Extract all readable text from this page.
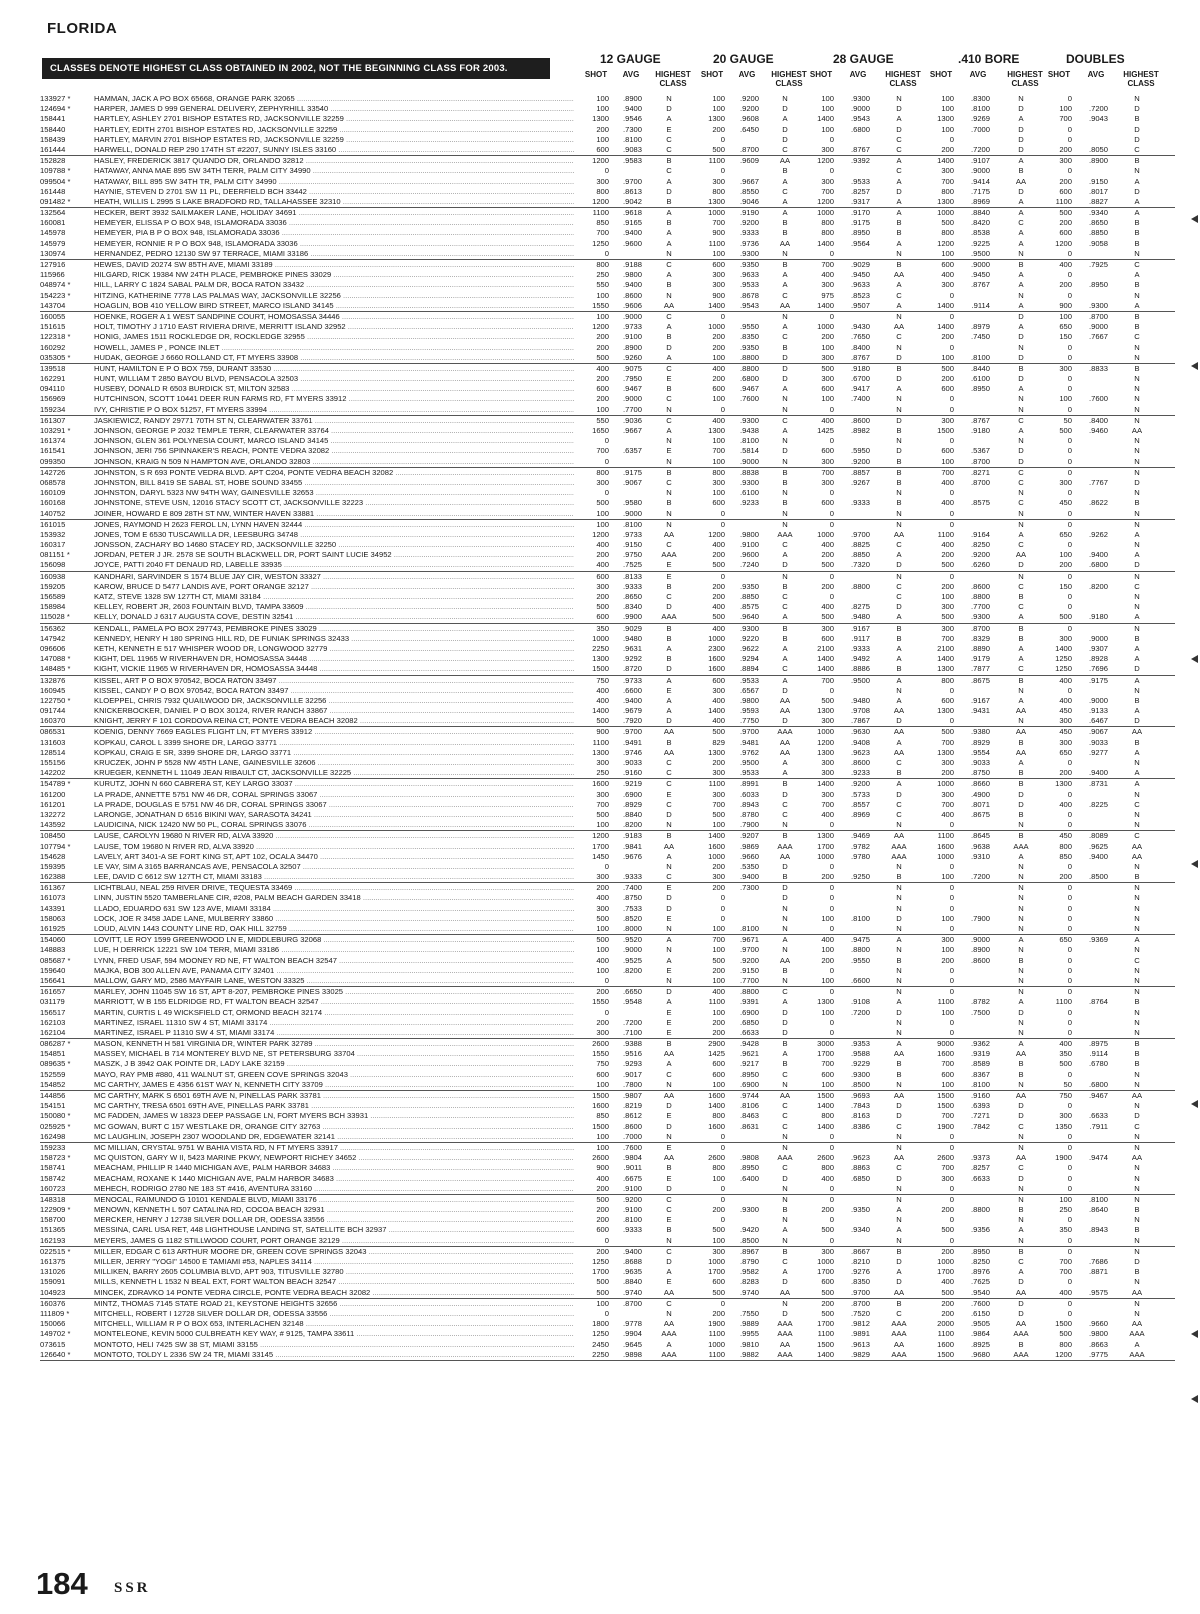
FLORIDA
CLASSES DENOTE HIGHEST CLASS OBTAINED IN 2002, NOT THE BEGINNING CLASS FOR 2003.
12 GAUGE	20 GAUGE	28 GAUGE	.410 BORE	DOUBLES
SHOT	AVG	HIGHEST CLASS
SHOT	AVG	HIGHEST CLASS
SHOT	AVG	HIGHEST CLASS
SHOT	AVG	HIGHEST CLASS
SHOT	AVG	HIGHEST CLASS
133927 *	HAMMAN, JACK A PO BOX 65668, ORANGE PARK 32065 .....	100	.8900	N	100	.9200	N	100	.9300	N	100	.8300	N	0	N
124694 *	HARPER, JAMES D 999 GENERAL DELIVERY, ZEPHYRHILL 33540 .....	100	.9400	D	100	.9200	D	100	.9000	D	100	.8100	D	100	.7200	D
158441	HARTLEY, ASHLEY 2701 BISHOP ESTATES RD, JACKSONVILLE 32259 .....	1300	.9546	A	1300	.9608	A	1400	.9543	A	1300	.9269	A	700	.9043	B
158440	HARTLEY, EDITH 2701 BISHOP ESTATES RD, JACKSONVILLE 32259 .....	200	.7300	E	200	.6450	D	100	.6800	D	100	.7000	D	0	D
158439	HARTLEY, MARVIN 2701 BISHOP ESTATES RD, JACKSONVILLE 32259 .....	100	.8100	C	0	D	0	C	0	D	0	D
161444	HARWELL, DONALD REP 290 174TH ST #2207, SUNNY ISLES 33160 .....	600	.9083	C	500	.8700	C	300	.8767	C	200	.7200	D	200	.8050	C
152828	HASLEY, FREDERICK 3817 QUANDO DR, ORLANDO 32812 .....	1200	.9583	B	1100	.9609	AA	1200	.9392	A	1400	.9107	A	300	.8900	B
109788 *	HATAWAY, ANNA MAE 895 SW 34TH TERR, PALM CITY 34990 .....	0	C	0	B	0	C	300	.9000	B	0	N
099504 *	HATAWAY, BILL 895 SW 34TH TR, PALM CITY 34990 .....	300	.9700	A	300	.9667	A	300	.9533	A	700	.9414	AA	200	.9150	A
161448	HAYNIE, STEVEN D 2701 SW 11 PL, DEERFIELD BCH 33442 .....	800	.8613	D	800	.8550	C	700	.8257	D	800	.7175	D	600	.8017	D
091482 *	HEATH, WILLIS L 2995 S LAKE BRADFORD RD, TALLAHASSEE 32310 .....	1200	.9042	B	1300	.9046	A	1200	.9317	A	1300	.8969	A	1100	.8827	A
132564	HECKER, BERT 3932 SAILMAKER LANE, HOLIDAY 34691 .....	1100	.9618	A	1000	.9190	A	1000	.9170	A	1000	.8840	A	500	.9340	A
160081	HEMEYER, ELISSA P O BOX 948, ISLAMORADA 33036 .....	850	.9165	B	700	.9200	B	800	.9175	B	500	.8420	C	200	.8650	B
145978	HEMEYER, PIA B P O BOX 948, ISLAMORADA 33036 .....	700	.9400	A	900	.9333	B	800	.8950	B	800	.8538	A	600	.8850	B
145979	HEMEYER, RONNIE R P O BOX 948, ISLAMORADA 33036 .....	1250	.9600	A	1100	.9736	AA	1400	.9564	A	1200	.9225	A	1200	.9058	B
130974	HERNANDEZ, PEDRO 12130 SW 97 TERRACE, MIAMI 33186 .....	0	N	100	.9300	N	0	N	100	.9500	N	0	N
127916	HEWES, DAVID 20274 SW 85TH AVE, MIAMI 33189 .....	800	.9188	C	600	.9350	B	700	.9029	B	600	.9000	B	400	.7925	C
115966	HILGARD, RICK 19384 NW 24TH PLACE, PEMBROKE PINES 33029 .....	250	.9800	A	300	.9633	A	400	.9450	AA	400	.9450	A	0	A
048974 *	HILL, LARRY C 1824 SABAL PALM DR, BOCA RATON 33432 .....	550	.9400	B	300	.9533	A	300	.9633	A	300	.8767	A	200	.8950	B
154223 *	HITZING, KATHERINE 7778 LAS PALMAS WAY, JACKSONVILLE 32256 .....	100	.8600	N	900	.8678	C	975	.8523	C	0	N	0	N
143704	HOAGLIN, BOB 410 YELLOW BIRD STREET, MARCO ISLAND 34145 .....	1550	.9606	AA	1400	.9543	AA	1400	.9507	A	1400	.9114	A	900	.9300	A
160055	HOENKE, ROGER A 1 WEST SANDPINE COURT, HOMOSASSA 34446 .....	100	.9000	C	0	N	0	N	0	D	100	.8700	B
151615	HOLT, TIMOTHY J 1710 EAST RIVIERA DRIVE, MERRITT ISLAND 32952 .....	1200	.9733	A	1000	.9550	A	1000	.9430	AA	1400	.8979	A	650	.9000	B
122318 *	HONIG, JAMES 1511 ROCKLEDGE DR, ROCKLEDGE 32955 .....	200	.9100	B	200	.8350	C	200	.7650	C	200	.7450	D	150	.7667	C
160292	HOWELL, JAMES P , PONCE INLET .....	200	.8900	D	200	.9350	B	100	.8400	N	0	N	0	N
035305 *	HUDAK, GEORGE J 6660 ROLLAND CT, FT MYERS 33908 .....	500	.9260	A	100	.8800	D	300	.8767	D	100	.8100	D	0	N
139518	HUNT, HAMILTON E P O BOX 759, DURANT 33530 .....	400	.9075	C	400	.8800	D	500	.9180	B	500	.8440	B	300	.8833	B
162291	HUNT, WILLIAM T 2850 BAYOU BLVD, PENSACOLA 32503 .....	200	.7950	E	200	.6800	D	300	.6700	D	200	.6100	D	0	N
094110	HUSEBY, DONALD R 6503 BURDICK ST, MILTON 32583 .....	600	.9467	B	600	.9467	A	600	.9417	A	600	.8950	A	0	N
156969	HUTCHINSON, SCOTT 10441 DEER RUN FARMS RD, FT MYERS 33912 .....	200	.9000	C	100	.7600	N	100	.7400	N	0	N	100	.7600	N
159234	IVY, CHRISTIE P O BOX 51257, FT MYERS 33994 .....	100	.7700	N	0	N	0	N	0	N	0	N
161307	JASKIEWICZ, RANDY 29771 70TH ST N, CLEARWATER 33761 .....	550	.9036	C	400	.9300	C	400	.8600	D	300	.8767	C	50	.8400	N
103291 *	JOHNSON, GEORGE P 2032 TEMPLE TERR, CLEARWATER 33764 .....	1650	.9667	A	1300	.9438	A	1425	.8982	B	1500	.9180	A	500	.9460	AA
161374	JOHNSON, GLEN 361 POLYNESIA COURT, MARCO ISLAND 34145 .....	0	N	100	.8100	N	0	N	0	N	0	N
161541	JOHNSON, JERI 756 SPINNAKER'S REACH, PONTE VEDRA 32082 .....	700	.6357	E	700	.5814	D	600	.5950	D	600	.5367	D	0	N
099350	JOHNSON, KRAIG N 509 N HAMPTON AVE, ORLANDO 32803 .....	0	N	100	.9000	N	300	.9200	B	100	.8700	D	0	N
142726	JOHNSTON, S R 693 PONTE VEDRA BLVD. APT C204, PONTE VEDRA BEACH 32082 .....	800	.9175	B	800	.8838	B	700	.8857	B	700	.8271	C	0	N
068578	JOHNSTON, BILL 8419 SE SABAL ST, HOBE SOUND 33455 .....	300	.9067	C	300	.9300	B	300	.9267	B	400	.8700	C	300	.7767	D
160109	JOHNSTON, DARYL 5323 NW 94TH WAY, GAINESVILLE 32653 .....	0	N	100	.6100	N	0	N	0	N	0	N
160168	JOHNSTONE, STEVE USN, 12016 STACY SCOTT CT, JACKSONVILLE 32223 .....	500	.9580	B	600	.9233	B	600	.9333	B	400	.8575	C	450	.8622	B
140752	JOINER, HOWARD E 809 28TH ST NW, WINTER HAVEN 33881 .....	100	.9000	N	0	N	0	N	0	N	0	N
161015	JONES, RAYMOND H 2623 FEROL LN, LYNN HAVEN 32444 .....	100	.8100	N	0	N	0	N	0	N	0	N
153932	JONES, TOM E 6530 TUSCAWILLA DR, LEESBURG 34748 .....	1200	.9733	AA	1200	.9800	AAA	1000	.9700	AA	1100	.9164	A	650	.9262	A
160317	JONSSON, ZACHARY BO 14680 STACEY RD, JACKSONVILLE 32250 .....	400	.9150	C	400	.9100	C	400	.8825	C	400	.8250	C	0	N
081151 *	JORDAN, PETER J JR. 2578 SE SOUTH BLACKWELL DR, PORT SAINT LUCIE 34952 .....	200	.9750	AAA	200	.9600	A	200	.8850	A	200	.9200	AA	100	.9400	A
156098	JOYCE, PATTI 2040 FT DENAUD RD, LABELLE 33935 .....	400	.7525	E	500	.7240	D	500	.7320	D	500	.6260	D	200	.6800	D
160938	KANDHARI, SARVINDER S 1574 BLUE JAY CIR, WESTON 33327 .....	600	.8133	E	0	N	0	N	0	N	0	N
159205	KAROW, BRUCE D 5477 LANDIS AVE, PORT ORANGE 32127 .....	300	.9333	B	200	.9350	B	200	.8800	C	200	.8600	C	150	.8200	C
156589	KATZ, STEVE 1328 SW 127TH CT, MIAMI 33184 .....	200	.8650	C	200	.8850	C	0	C	100	.8800	B	0	N
158984	KELLEY, ROBERT JR, 2603 FOUNTAIN BLVD, TAMPA 33609 .....	500	.8340	D	400	.8575	C	400	.8275	D	300	.7700	C	0	N
115028 *	KELLY, DONALD J 6317 AUGUSTA COVE, DESTIN 32541 .....	600	.9900	AAA	500	.9640	A	500	.9480	A	500	.9300	A	500	.9180	A
156362	KENDALL, PAMELA PO BOX 297743, PEMBROKE PINES 33029 .....	350	.9029	B	400	.9300	B	300	.9167	B	300	.8700	B	0	N
147942	KENNEDY, HENRY H 180 SPRING HILL RD, DE FUNIAK SPRINGS 32433 .....	1000	.9480	B	1000	.9220	B	600	.9117	B	700	.8329	B	300	.9000	B
096606	KETH, KENNETH E 517 WHISPER WOOD DR, LONGWOOD 32779 .....	2250	.9631	A	2300	.9622	A	2100	.9333	A	2100	.8890	A	1400	.9307	A
147088 *	KIGHT, DEL 11965 W RIVERHAVEN DR, HOMOSASSA 34448 .....	1300	.9292	B	1600	.9294	A	1400	.9492	A	1400	.9179	A	1250	.8928	A
148485 *	KIGHT, VICKIE 11965 W RIVERHAVEN DR, HOMOSASSA 34448 .....	1500	.8720	D	1600	.8894	C	1400	.8886	B	1300	.7877	C	1250	.7696	D
132876	KISSEL, ART P O BOX 970542, BOCA RATON 33497 .....	750	.9733	A	600	.9533	A	700	.9500	A	800	.8675	B	400	.9175	A
160945	KISSEL, CANDY P O BOX 970542, BOCA RATON 33497 .....	400	.6600	E	300	.6567	D	0	N	0	N	0	N
122750 *	KLOEPPEL, CHRIS 7932 QUAILWOOD DR, JACKSONVILLE 32256 .....	400	.9400	A	400	.9800	AA	500	.9480	A	600	.9167	A	400	.9000	B
091744	KNICKERBOCKER, DANIEL P O BOX 30124, RIVER RANCH 33867 .....	1400	.9679	A	1400	.9593	AA	1300	.9708	AA	1300	.9431	AA	450	.9133	A
160370	KNIGHT, JERRY F 101 CORDOVA REINA CT, PONTE VEDRA BEACH 32082 .....	500	.7920	D	400	.7750	D	300	.7867	D	0	N	300	.6467	D
086531	KOENIG, DENNY 7669 EAGLES FLIGHT LN, FT MYERS 33912 .....	900	.9700	AA	500	.9700	AAA	1000	.9630	AA	500	.9380	AA	450	.9067	AA
131603	KOPKAU, CAROL L 3399 SHORE DR, LARGO 33771 .....	1100	.9491	B	829	.9481	AA	1200	.9408	A	700	.8929	B	300	.9033	B
128514	KOPKAU, CRAIG E SR, 3399 SHORE DR, LARGO 33771 .....	1300	.9746	AA	1300	.9762	AA	1300	.9623	AA	1300	.9554	AA	650	.9277	A
155156	KRUCZEK, JOHN P 5528 NW 45TH LANE, GAINESVILLE 32606 .....	300	.9033	C	200	.9500	A	300	.8600	C	300	.9033	A	0	N
142202	KRUEGER, KENNETH L 11049 JEAN RIBAULT CT, JACKSONVILLE 32225 .....	250	.9160	C	300	.9533	A	300	.9233	B	200	.8750	B	200	.9400	A
154789 *	KURUTZ, JOHN N 660 CABRERA ST, KEY LARGO 33037 .....	1600	.9219	C	1100	.8991	B	1400	.9200	A	1000	.8660	B	1300	.8731	A
161200	LA PRADE, ANNETTE 5751 NW 46 DR, CORAL SPRINGS 33067 .....	300	.6900	E	300	.6033	D	300	.5733	D	300	.4900	D	0	N
161201	LA PRADE, DOUGLAS E 5751 NW 46 DR, CORAL SPRINGS 33067 .....	700	.8929	C	700	.8943	C	700	.8557	C	700	.8071	D	400	.8225	C
132272	LARONGE, JONATHAN D 6516 BIKINI WAY, SARASOTA 34241 .....	500	.8840	D	500	.8780	C	400	.8969	C	400	.8675	B	0	N
143592	LAUDICINA, NICK 12420 NW 50 PL, CORAL SPRINGS 33076 .....	100	.8200	N	100	.7900	N	0	N	0	N	0	N
108450	LAUSE, CAROLYN 19680 N RIVER RD, ALVA 33920 .....	1200	.9183	B	1400	.9207	B	1300	.9469	AA	1100	.8645	B	450	.8089	C
107794 *	LAUSE, TOM 19680 N RIVER RD, ALVA 33920 .....	1700	.9841	AA	1600	.9869	AAA	1700	.9782	AAA	1600	.9638	AAA	800	.9625	AA
154628	LAVELY, ART 3401-A SE FORT KING ST, APT 102, OCALA 34470 .....	1450	.9676	A	1000	.9660	AA	1000	.9780	AAA	1000	.9310	A	850	.9400	AA
159395	LE VAY, SIM A 3165 BARRANCAS AVE, PENSACOLA 32507 .....	0	N	200	.5350	D	0	N	0	N	0	N
162388	LEE, DAVID C 6612 SW 127TH CT, MIAMI 33183 .....	300	.9333	C	300	.9400	B	200	.9250	B	100	.7200	N	200	.8500	B
161367	LICHTBLAU, NEAL 259 RIVER DRIVE, TEQUESTA 33469 .....	200	.7400	E	200	.7300	D	0	N	0	N	0	N
161073	LINN, JUSTIN 5520 TAMBERLANE CIR, #208, PALM BEACH GARDEN 33418 .....	400	.8750	D	0	D	0	N	0	N	0	N
143391	LLADO, EDUARDO 631 SW 123 AVE, MIAMI 33184 .....	300	.7533	D	0	N	0	N	0	N	0	N
158063	LOCK, JOE R 3458 JADE LANE, MULBERRY 33860 .....	500	.8520	E	0	N	100	.8100	D	100	.7900	N	0	N
161925	LOUD, ALVIN 1443 COUNTY LINE RD, OAK HILL 32759 .....	100	.8000	N	100	.8100	N	0	N	0	N	0	N
154060	LOVITT, LE ROY 1599 GREENWOOD LN E, MIDDLEBURG 32068 .....	500	.9520	A	700	.9671	A	400	.9475	A	300	.9000	A	650	.9369	A
148883	LUE, H DERRICK 12221 SW 104 TERR, MIAMI 33186 .....	100	.9000	N	100	.9700	N	100	.8800	N	100	.8900	N	0	N
085687 *	LYNN, FRED USAF, 594 MOONEY RD NE, FT WALTON BEACH 32547 .....	400	.9525	A	500	.9200	AA	200	.9550	B	200	.8600	B	0	C
159640	MAJKA, BOB 300 ALLEN AVE, PANAMA CITY 32401 .....	100	.8200	E	200	.9150	B	0	N	0	N	0	N
156641	MALLOW, GARY MD, 2586 MAYFAIR LANE, WESTON 33325 .....	0	N	100	.7700	N	100	.6600	N	0	N	0	N
161657	MARLEY, JOHN 11045 SW 16 ST, APT 8-207, PEMBROKE PINES 33025 .....	200	.6650	D	400	.8800	C	0	N	0	N	0	N
031179	MARRIOTT, W B 155 ELDRIDGE RD, FT WALTON BEACH 32547 .....	1550	.9548	A	1100	.9391	A	1300	.9108	A	1100	.8782	A	1100	.8764	B
156517	MARTIN, CURTIS L 49 WICKSFIELD CT, ORMOND BEACH 32174 .....	0	E	100	.6900	D	100	.7200	D	100	.7500	D	0	N
162103	MARTINEZ, ISRAEL 11310 SW 4 ST, MIAMI 33174 .....	200	.7200	E	200	.6850	D	0	N	0	N	0	N
162104	MARTINEZ, ISRAEL P 11310 SW 4 ST, MIAMI 33174 .....	300	.7100	E	200	.6633	D	0	N	0	N	0	N
086287 *	MASON, KENNETH H 581 VIRGINIA DR, WINTER PARK 32789 .....	2600	.9388	B	2900	.9428	B	3000	.9353	A	9000	.9362	A	400	.8975	B
154851	MASSEY, MICHAEL B 714 MONTEREY BLVD NE, ST PETERSBURG 33704 .....	1550	.9516	AA	1425	.9621	A	1700	.9588	AA	1600	.9319	AA	350	.9114	B
089635 *	MASZK, J B 3942 OAK POINTE DR, LADY LAKE 32159 .....	750	.9293	A	600	.9217	B	700	.9229	B	700	.8589	B	500	.6780	B
152559	MAYO, RAY PMB #880, 411 WALNUT ST, GREEN COVE SPRINGS 32043 .....	600	.9017	C	600	.8950	C	600	.9300	B	600	.8367	B	0	N
154852	MC CARTHY, JAMES E 4356 61ST WAY N, KENNETH CITY 33709 .....	100	.7800	N	100	.6900	N	100	.8500	N	100	.8100	N	50	.6800	N
144856	MC CARTHY, MARK S 6501 69TH AVE N, PINELLAS PARK 33781 .....	1500	.9807	AA	1600	.9744	AA	1500	.9693	AA	1500	.9160	AA	750	.9467	AA
154151	MC CARTHY, TRESA 6501 69TH AVE, PINELLAS PARK 33781 .....	1600	.8219	D	1400	.8106	C	1400	.7843	D	1500	.6393	D	0	N
150080 *	MC FADDEN, JAMES W 18323 DEEP PASSAGE LN, FORT MYERS BCH 33931 .....	850	.8612	E	800	.8463	C	800	.8163	D	700	.7271	D	300	.6633	D
025925 *	MC GOWAN, BURT C 157 WESTLAKE DR, ORANGE CITY 32763 .....	1500	.8600	D	1600	.8631	C	1400	.8386	C	1900	.7842	C	1350	.7911	C
162498	MC LAUGHLIN, JOSEPH 2307 WOODLAND DR, EDGEWATER 32141 .....	100	.7000	N	0	N	0	N	0	N	0	N
159233	MC MILLIAN, CRYSTAL 9751 W BAHIA VISTA RD, N FT MYERS 33917 .....	100	.7600	E	0	N	0	N	0	N	0	N
158723 *	MC QUISTON, GARY W II, 5423 MARINE PKWY, NEWPORT RICHEY 34652 .....	2600	.9804	AA	2600	.9808	AAA	2600	.9623	AA	2600	.9373	AA	1900	.9474	AA
158741	MEACHAM, PHILLIP R 1440 MICHIGAN AVE, PALM HARBOR 34683 .....	900	.9011	B	800	.8950	C	800	.8863	C	700	.8257	C	0	N
158742	MEACHAM, ROXANE K 1440 MICHIGAN AVE, PALM HARBOR 34683 .....	400	.6675	E	100	.6400	D	400	.6850	D	300	.6633	D	0	N
160723	MEHECH, RODRIGO 2780 NE 183 ST #416, AVENTURA 33160 .....	200	.9100	D	0	N	0	N	0	N	0	N
148318	MENOCAL, RAIMUNDO G 10101 KENDALE BLVD, MIAMI 33176 .....	500	.9200	C	0	N	0	N	0	N	100	.8100	N
122909 *	MENOWN, KENNETH L 507 CATALINA RD, COCOA BEACH 32931 .....	200	.9100	C	200	.9300	B	200	.9350	A	200	.8800	B	250	.8640	B
158700	MERCKER, HENRY J 12738 SILVER DOLLAR DR, ODESSA 33556 .....	200	.8100	E	0	N	0	N	0	N	0	N
151365	MESSINA, CARL USA RET, 448 LIGHTHOUSE LANDING ST, SATELLITE BCH 32937 .....	600	.9333	B	500	.9420	A	500	.9340	A	500	.9356	A	350	.8943	B
162193	MEYERS, JAMES G 1182 STILLWOOD COURT, PORT ORANGE 32129 .....	0	N	100	.8500	N	0	N	0	N	0	N
022515 *	MILLER, EDGAR C 613 ARTHUR MOORE DR, GREEN COVE SPRINGS 32043 .....	200	.9400	C	300	.8967	B	300	.8667	B	200	.8950	B	0	N
161375	MILLER, JERRY "YOGI" 14500 E TAMIAMI #53, NAPLES 34114 .....	1250	.8688	D	1000	.8790	C	1000	.8210	D	1000	.8250	C	700	.7686	D
131026	MILLIKEN, BARRY 2605 COLUMBIA BLVD, APT 903, TITUSVILLE 32780 .....	1700	.9635	A	1700	.9582	A	1700	.9276	A	1700	.8976	A	700	.8871	B
159091	MILLS, KENNETH L 1532 N BEAL EXT, FORT WALTON BEACH 32547 .....	500	.8840	E	600	.8283	D	600	.8350	D	400	.7625	D	0	N
104923	MINCEK, ZDRAVKO 14 PONTE VEDRA CIRCLE, PONTE VEDRA BEACH 32082 .....	500	.9740	AA	500	.9740	AA	500	.9700	AA	500	.9540	AA	400	.9575	AA
160376	MINTZ, THOMAS 7145 STATE ROAD 21, KEYSTONE HEIGHTS 32656 .....	100	.8700	C	0	N	200	.8700	B	200	.7600	D	0	N
111809 *	MITCHELL, ROBERT I 12728 SILVER DOLLAR DR, ODESSA 33556 .....	0	N	200	.7550	D	500	.7520	C	200	.6150	D	0	N
150066	MITCHELL, WILLIAM R P O BOX 653, INTERLACHEN 32148 .....	1800	.9778	AA	1900	.9889	AAA	1700	.9812	AAA	2000	.9505	AA	1500	.9660	AA
149702 *	MONTELEONE, KEVIN 5000 CULBREATH KEY WAY, # 9125, TAMPA 33611 .....	1250	.9904	AAA	1100	.9955	AAA	1100	.9891	AAA	1100	.9864	AAA	500	.9800	AAA
073615	MONTOTO, HELI 7425 SW 38 ST, MIAMI 33155 .....	2450	.9645	A	1000	.9810	AA	1500	.9613	AA	1600	.8925	B	800	.8663	A
126640 *	MONTOTO, TOLDY L 2336 SW 24 TR, MIAMI 33145 .....	2250	.9898	AAA	1100	.9882	AAA	1400	.9829	AAA	1500	.9680	AAA	1200	.9775	AAA
184 SSR
